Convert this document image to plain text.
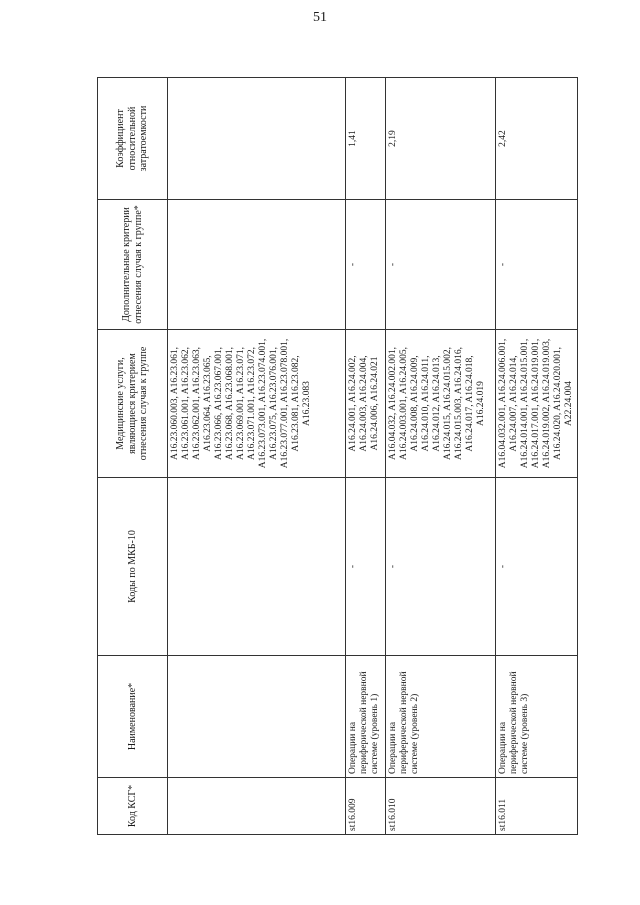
51
Код КСГ*	Наименование*	Коды по МКБ-10	Медицинские услуги, являющиеся критерием отнесения случая к группе	Дополнительные критерии отнесения случая к группе*	Коэффициент относительной затратоемкости
			A16.23.060.003, A16.23.061, A16.23.061.001, A16.23.062, A16.23.062.001, A16.23.063, A16.23.064, A16.23.065, A16.23.066, A16.23.067.001, A16.23.068, A16.23.068.001, A16.23.069.001, A16.23.071, A16.23.071.001, A16.23.072, A16.23.073.001, A16.23.074.001, A16.23.075, A16.23.076.001, A16.23.077.001, A16.23.078.001, A16.23.081, A16.23.082, A16.23.083		
st16.009	Операции на периферической нервной системе (уровень 1)	-	A16.24.001, A16.24.002, A16.24.003, A16.24.004, A16.24.006, A16.24.021	-	1,41
st16.010	Операции на периферической нервной системе (уровень 2)	-	A16.04.032, A16.24.002.001, A16.24.003.001, A16.24.005, A16.24.008, A16.24.009, A16.24.010, A16.24.011, A16.24.012, A16.24.013, A16.24.015, A16.24.015.002, A16.24.015.003, A16.24.016, A16.24.017, A16.24.018, A16.24.019	-	2,19
st16.011	Операции на периферической нервной системе (уровень 3)	-	A16.04.032.001, A16.24.006.001, A16.24.007, A16.24.014, A16.24.014.001, A16.24.015.001, A16.24.017.001, A16.24.019.001, A16.24.019.002, A16.24.019.003, A16.24.020, A16.24.020.001, A22.24.004	-	2,42
